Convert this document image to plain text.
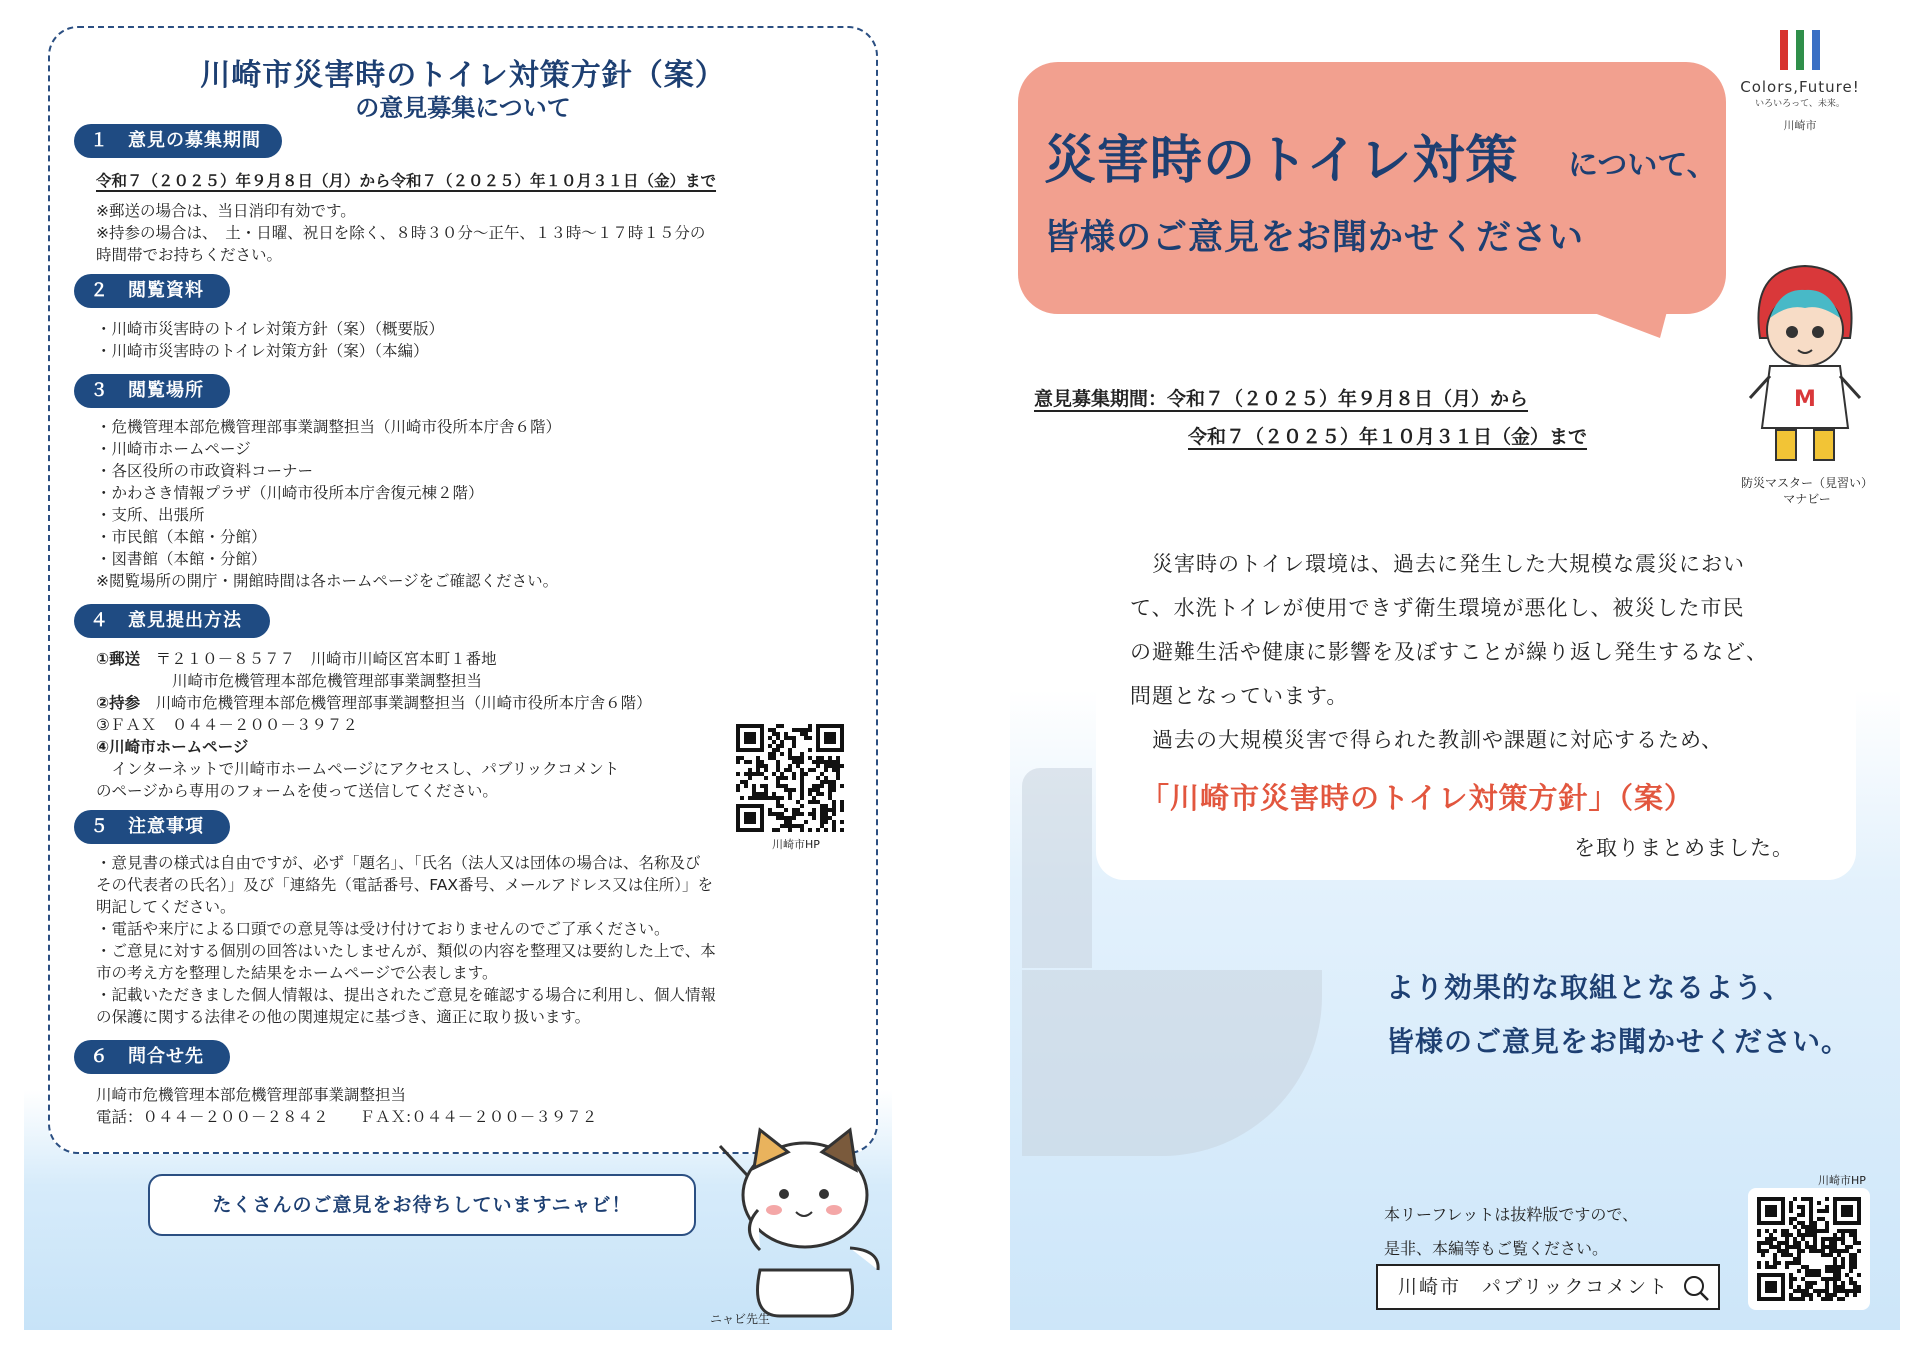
川崎市災害時のトイレ対策方針（案）
の意見募集について
１　意見の募集期間
令和７（２０２５）年９月８日（月）から令和７（２０２５）年１０月３１日（金）まで
※郵送の場合は、当日消印有効です。
※持参の場合は、　土・日曜、祝日を除く、８時３０分～正午、１３時～１７時１５分の
時間帯でお持ちください。
２　閲覧資料
・川崎市災害時のトイレ対策方針（案）（概要版）
・川崎市災害時のトイレ対策方針（案）（本編）
３　閲覧場所
・危機管理本部危機管理部事業調整担当（川崎市役所本庁舎６階）
・川崎市ホームページ
・各区役所の市政資料コーナー
・かわさき情報プラザ（川崎市役所本庁舎復元棟２階）
・支所、出張所
・市民館（本館・分館）
・図書館（本館・分館）
※閲覧場所の開庁・開館時間は各ホームページをご確認ください。
４　意見提出方法
①郵送　 〒２１０－８５７７　川崎市川崎区宮本町１番地
川崎市危機管理本部危機管理部事業調整担当
②持参　 川崎市危機管理本部危機管理部事業調整担当（川崎市役所本庁舎６階）
③ＦＡＸ　０４４－２００－３９７２
④川崎市ホームページ
　インターネットで川崎市ホームページにアクセスし、パブリックコメント
のページから専用のフォームを使って送信してください。
川崎市HP
５　注意事項
・意見書の様式は自由ですが、必ず「題名」、「氏名（法人又は団体の場合は、名称及び
その代表者の氏名）」及び「連絡先（電話番号、FAX番号、メールアドレス又は住所）」を
明記してください。
・電話や来庁による口頭での意見等は受け付けておりませんのでご了承ください。
・ご意見に対する個別の回答はいたしませんが、類似の内容を整理又は要約した上で、本
市の考え方を整理した結果をホームページで公表します。
・記載いただきました個人情報は、提出されたご意見を確認する場合に利用し、個人情報
の保護に関する法律その他の関連規定に基づき、適正に取り扱います。
６　問合せ先
川崎市危機管理本部危機管理部事業調整担当
電話：０４４－２００－２８４２　　ＦＡＸ:０４４－２００－３９７２
たくさんのご意見をお待ちしていますニャビ！
ニャビ先生
Colors,Future!
いろいろって、未来。
川崎市
災害時のトイレ対策 について、
皆様のご意見をお聞かせください
M
防災マスター（見習い）
マナビー
意見募集期間：令和７（２０２５）年９月８日（月）から
令和７（２０２５）年１０月３１日（金）まで
　災害時のトイレ環境は、過去に発生した大規模な震災におい
て、水洗トイレが使用できず衛生環境が悪化し、被災した市民
の避難生活や健康に影響を及ぼすことが繰り返し発生するなど、
問題となっています。
　過去の大規模災害で得られた教訓や課題に対応するため、
「川崎市災害時のトイレ対策方針」（案）
を取りまとめました。
より効果的な取組となるよう、
皆様のご意見をお聞かせください。
本リーフレットは抜粋版ですので、
是非、本編等もご覧ください。
川崎市　パブリックコメント
川崎市HP
